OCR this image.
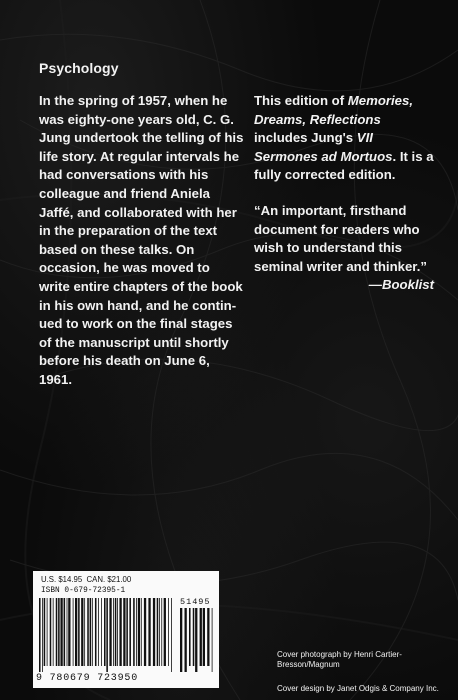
Psychology

In the spring of 1957, when he was eighty-one years old, C. G. Jung undertook the telling of his life story. At regular intervals he had conversations with his colleague and friend Aniela Jaffé, and collaborated with her in the preparation of the text based on these talks. On occasion, he was moved to write entire chapters of the book in his own hand, and he continued to work on the final stages of the manuscript until shortly before his death on June 6, 1961.

This edition of Memories, Dreams, Reflections includes Jung's VII Sermones ad Mortuos. It is a fully corrected edition.

“An important, firsthand document for readers who wish to understand this seminal writer and thinker.”

—Booklist

U.S. $14.95 CAN. $21.00
ISBN 0-679-72395-1
51495
9 780679 723950
Cover photograph by Henri Cartier-Bresson/Magnum
Cover design by Janet Odgis & Company Inc.
